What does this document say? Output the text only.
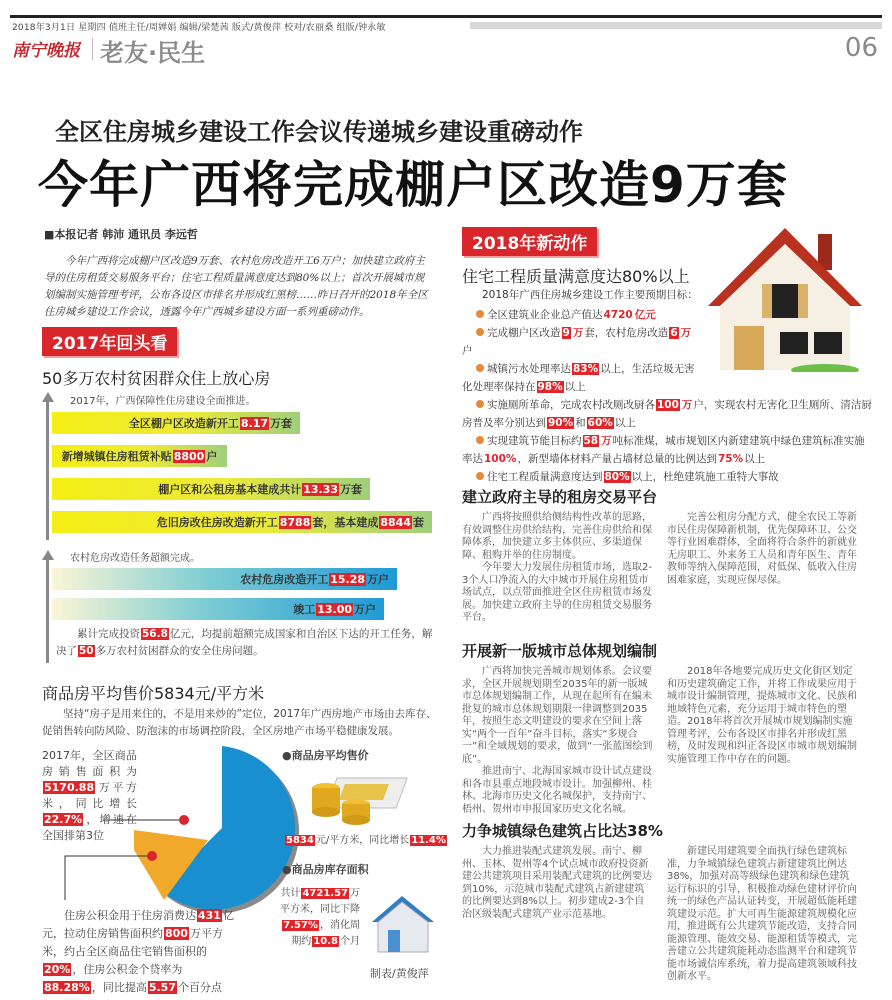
2018年3月1日 星期四 值班主任/周婵娟 编辑/梁楚茜 版式/黄俊萍 校对/农丽桑 组版/钟永敏
南宁晚报 老友·民生	06
全区住房城乡建设工作会议传递城乡建设重磅动作
今年广西将完成棚户区改造9万套
■本报记者 韩沛 通讯员 李远哲
今年广西将完成棚户区改造9万套、农村危房改造开工6万户；加快建立政府主导的住房租赁交易服务平台；住宅工程质量满意度达到80%以上；首次开展城市规划编制实施管理考评，公布各设区市排名并形成红黑榜……昨日召开的2018年全区住房城乡建设工作会议，透露今年广西城乡建设方面一系列重磅动作。
2017年回头看
50多万农村贫困群众住上放心房
2017年，广西保障性住房建设全面推进。
全区棚户区改造新开工 8.17 万套
新增城镇住房租赁补贴 8800 户
棚户区和公租房基本建成共计 13.33 万套
危旧房改住房改造新开工 8788 套，基本建成 8844 套
农村危房改造任务超额完成。
农村危房改造开工 15.28 万户
竣工 13.00 万户
累计完成投资 56.8 亿元，均提前超额完成国家和自治区下达的开工任务，解决了 50 多万农村贫困群众的安全住房问题。
商品房平均售价5834元/平方米
坚持“房子是用来住的，不是用来炒的”定位，2017年广西房地产市场由去库存、促销售转向防风险、防泡沫的市场调控阶段，全区房地产市场平稳健康发展。
2017年，全区商品房销售面积为5170.88 万平方米，同比增长22.7% ，增速在全国排第3位
住房公积金用于住房消费达 431 亿元，拉动住房销售面积约 800 万平方米，约占全区商品住宅销售面积的20% ，住房公积金个贷率为88.28% ，同比提高 5.57 个百分点
●商品房平均售价
5834 元/平方米，同比增长 11.4%
●商品房库存面积
共计 4721.57 万平方米，同比下降7.57% ，消化周期约 10.8 个月
制表/黄俊萍
2018年新动作
住宅工程质量满意度达80%以上
2018年广西住房城乡建设工作主要预期目标：
全区建筑业企业总产值达4720 亿元
完成棚户区改造 9 万套，农村危房改造 6 万户
城镇污水处理率达 83% 以上，生活垃圾无害化处理率保持在 98% 以上
实施厕所革命，完成农村改厕改厨各 100 万户，实现农村无害化卫生厕所、清洁厨房普及率分别达到 90% 和 60% 以上
实现建筑节能目标约 58 万吨标准煤，城市规划区内新建建筑中绿色建筑标准实施率达100%，新型墙体材料产量占墙材总量的比例达到75%以上
住宅工程质量满意度达到 80% 以上，杜绝建筑施工重特大事故
建立政府主导的租房交易平台

广西将按照供给侧结构性改革的思路，有效调整住房供给结构，完善住房供给和保障体系，加快建立多主体供应、多渠道保障、租购并举的住房制度。

今年要大力发展住房租赁市场，选取2-3个人口净流入的大中城市开展住房租赁市场试点，以点带面推进全区住房租赁市场发展。加快建立政府主导的住房租赁交易服务平台。

完善公租房分配方式，健全农民工等新市民住房保障新机制，优先保障环卫、公交等行业困难群体，全面将符合条件的新就业无房职工、外来务工人员和青年医生、青年教师等纳入保障范围，对低保、低收入住房困难家庭，实现应保尽保。

开展新一版城市总体规划编制

广西将加快完善城市规划体系。会议要求，全区开展规划期至2035年的新一版城市总体规划编制工作，从现在起所有在编未批复的城市总体规划期限一律调整到2035年，按照生态文明建设的要求在空间上落实“两个一百年”奋斗目标，落实“多规合一”和全域规划的要求，做到“一张蓝图绘到底”。

推进南宁、北海国家城市设计试点建设和各市县重点地段城市设计。加强柳州、桂林、北海市历史文化名城保护，支持南宁、梧州、贺州市申报国家历史文化名城。

2018年各地要完成历史文化街区划定和历史建筑确定工作，并将工作成果应用于城市设计编制管理，提炼城市文化、民族和地域特色元素，充分运用于城市特色的塑造。2018年将首次开展城市规划编制实施管理考评，公布各设区市排名并形成红黑榜，及时发现和纠正各设区市城市规划编制实施管理工作中存在的问题。

力争城镇绿色建筑占比达38%

大力推进装配式建筑发展。南宁、柳州、玉林、贺州等4个试点城市政府投资新建公共建筑项目采用装配式建筑的比例要达到10%，示范城市装配式建筑占新建建筑的比例要达到8%以上。初步建成2-3个自治区级装配式建筑产业示范基地。

新建民用建筑要全面执行绿色建筑标准，力争城镇绿色建筑占新建建筑比例达38%，加强对高等级绿色建筑和绿色建筑运行标识的引导，积极推动绿色建材评价向统一的绿色产品认证转变，开展超低能耗建筑建设示范。扩大可再生能源建筑规模化应用，推进既有公共建筑节能改造，支持合同能源管理、能效交易、能源租赁等模式，完善建立公共建筑能耗动态监测平台和建筑节能市场诚信库系统，着力提高建筑领域科技创新水平。
